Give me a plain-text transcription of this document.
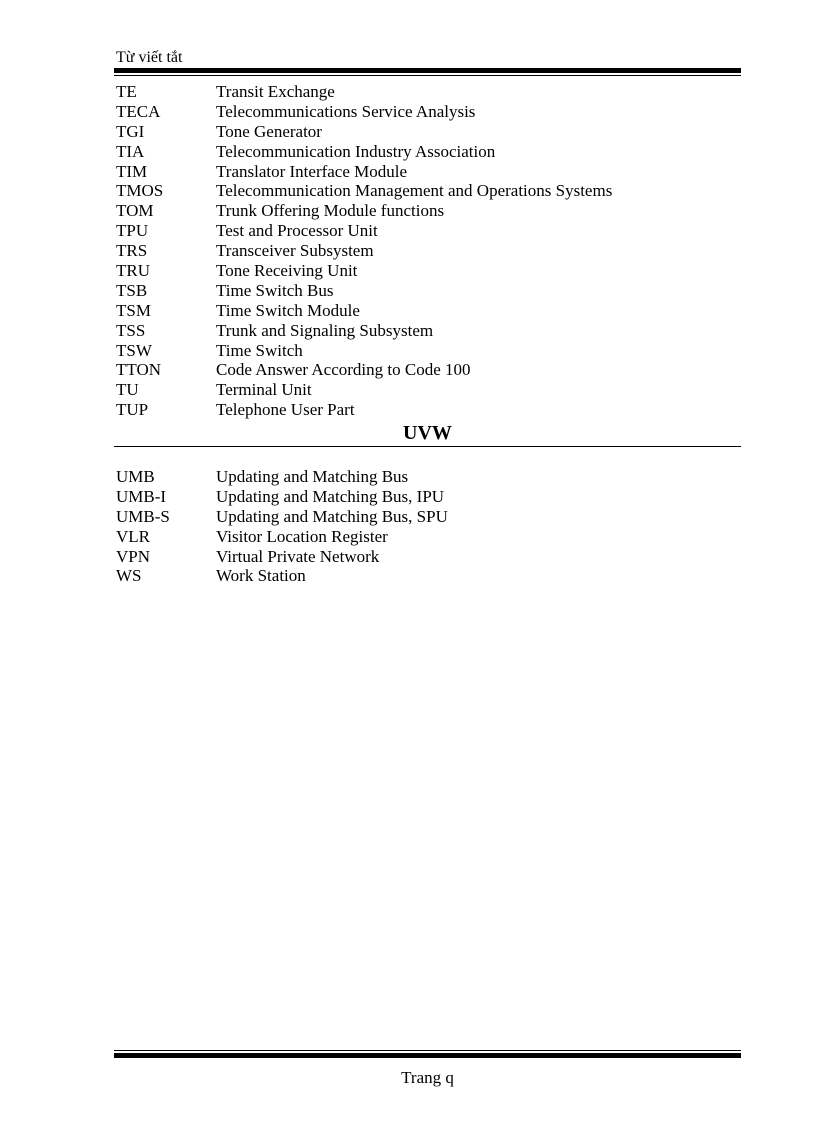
Từ viết tắt
TE	Transit Exchange
TECA	Telecommunications Service Analysis
TGI	Tone Generator
TIA	Telecommunication Industry Association
TIM	Translator Interface Module
TMOS	Telecommunication Management and Operations Systems
TOM	Trunk Offering Module functions
TPU	Test and Processor Unit
TRS	Transceiver Subsystem
TRU	Tone Receiving Unit
TSB	Time Switch Bus
TSM	Time Switch Module
TSS	Trunk and Signaling Subsystem
TSW	Time Switch
TTON	Code Answer According to Code 100
TU	Terminal Unit
TUP	Telephone User Part
UVW
UMB	Updating and Matching Bus
UMB-I	Updating and Matching Bus, IPU
UMB-S	Updating and Matching Bus, SPU
VLR	Visitor Location Register
VPN	Virtual Private Network
WS	Work Station
Trang q
